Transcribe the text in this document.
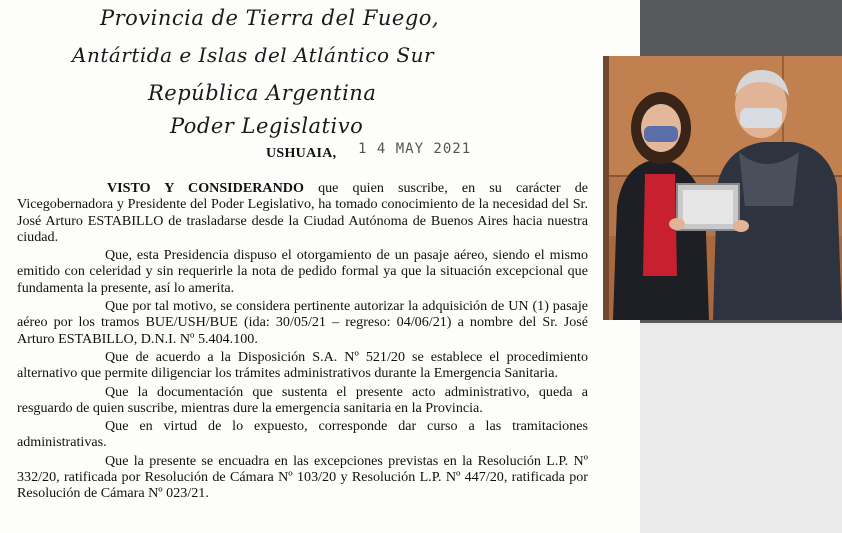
Provincia de Tierra del Fuego,
Antártida e Islas del Atlántico Sur
República Argentina
Poder Legislativo
USHUAIA, 1 4 MAY 2021

VISTO Y CONSIDERANDO que quien suscribe, en su carácter de Vicegobernadora y Presidente del Poder Legislativo, ha tomado conocimiento de la necesidad del Sr. José Arturo ESTABILLO de trasladarse desde la Ciudad Autónoma de Buenos Aires hacia nuestra ciudad.

Que, esta Presidencia dispuso el otorgamiento de un pasaje aéreo, siendo el mismo emitido con celeridad y sin requerirle la nota de pedido formal ya que la situación excepcional que fundamenta la presente, así lo amerita.

Que por tal motivo, se considera pertinente autorizar la adquisición de UN (1) pasaje aéreo por los tramos BUE/USH/BUE (ida: 30/05/21 – regreso: 04/06/21) a nombre del Sr. José Arturo ESTABILLO, D.N.I. Nº 5.404.100.

Que de acuerdo a la Disposición S.A. Nº 521/20 se establece el procedimiento alternativo que permite diligenciar los trámites administrativos durante la Emergencia Sanitaria.

Que la documentación que sustenta el presente acto administrativo, queda a resguardo de quien suscribe, mientras dure la emergencia sanitaria en la Provincia.

Que en virtud de lo expuesto, corresponde dar curso a las tramitaciones administrativas.

Que la presente se encuadra en las excepciones previstas en la Resolución L.P. Nº 332/20, ratificada por Resolución de Cámara Nº 103/20 y Resolución L.P. Nº 447/20, ratificada por Resolución de Cámara Nº 023/21.
